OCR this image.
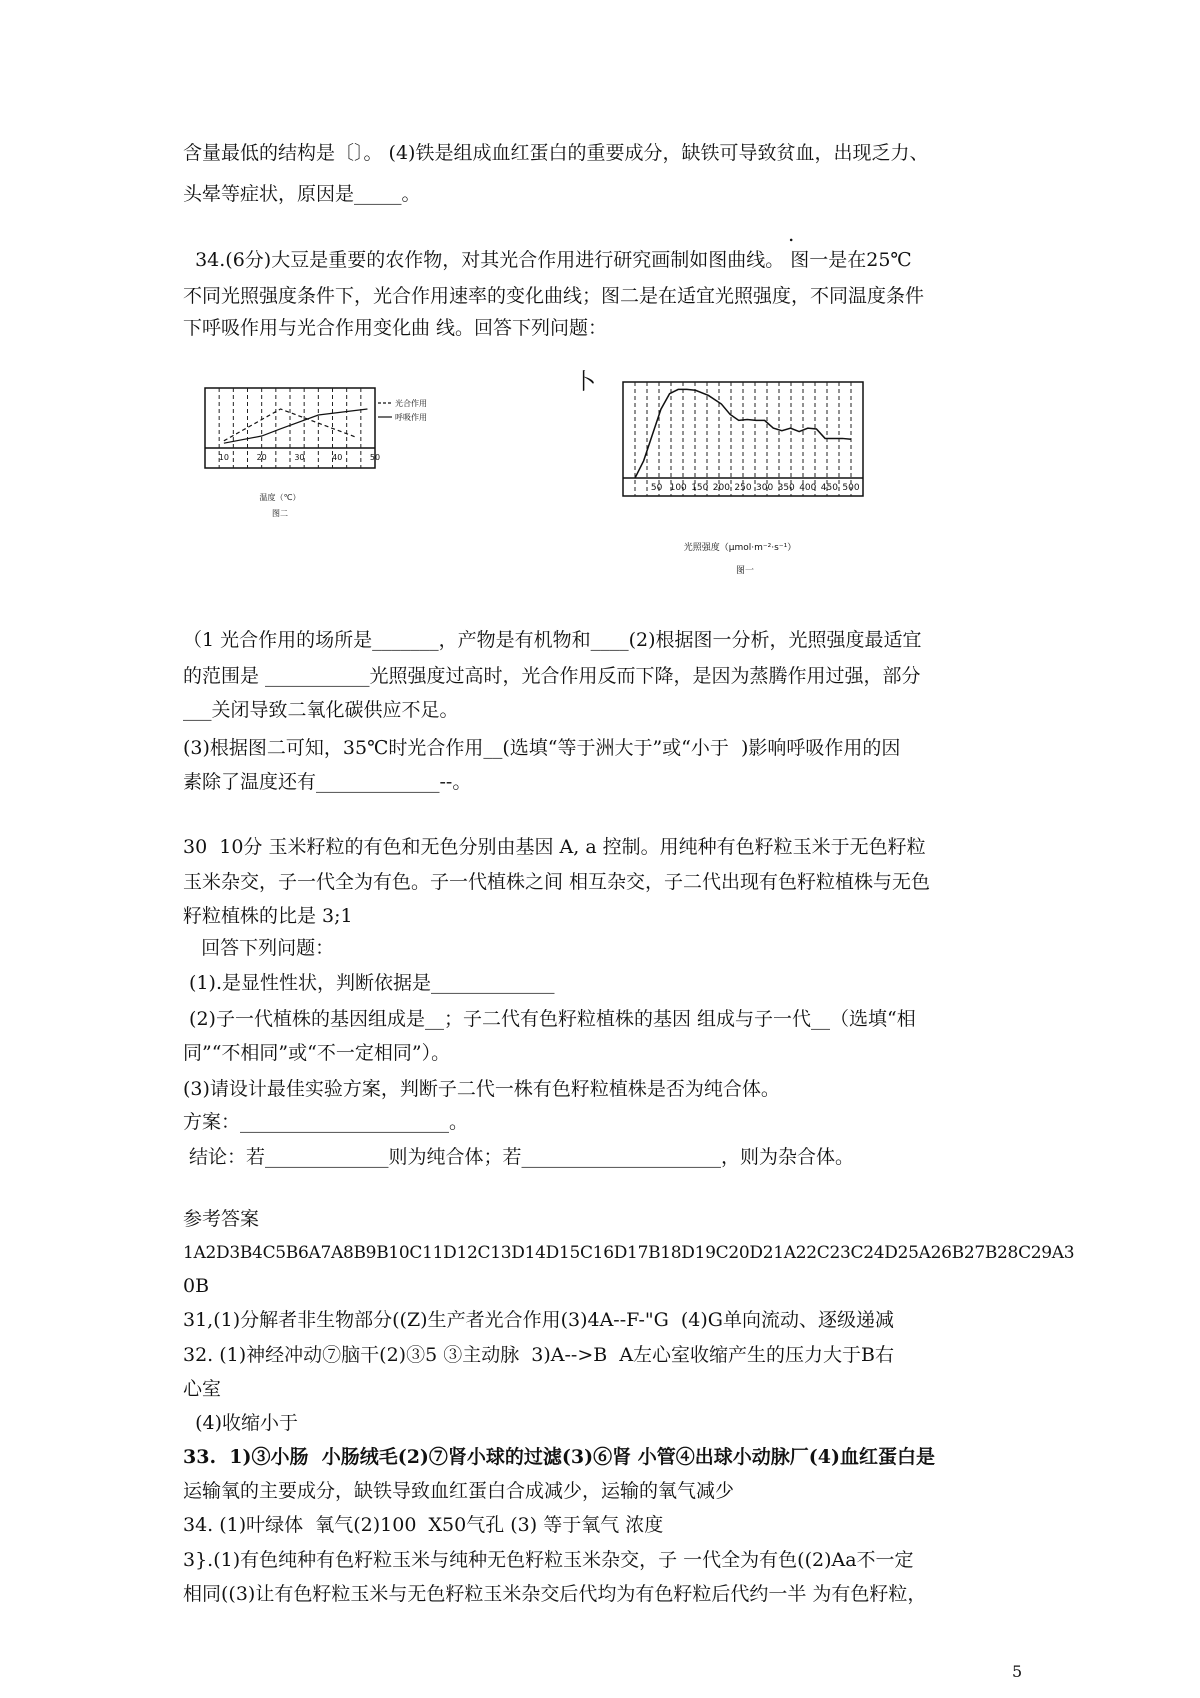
含量最低的结构是〔〕。 (4)铁是组成血红蛋白的重要成分，缺铁可导致贫血，出现乏力、
头晕等症状，原因是_____。
.
34.(6分)大豆是重要的农作物，对其光合作用进行研究画制如图曲线。 图一是在25℃
不同光照强度条件下，光合作用速率的变化曲线；图二是在适宜光照强度，不同温度条件
下呼吸作用与光合作用变化曲 线。回答下列问题：
10	20	30	40	50
光合作用
呼吸作用
温度（℃）
图二
卜
50 100 150 200 250 300 350 400 450 500
光照强度（μmol·m⁻²·s⁻¹）
图一
（1 光合作用的场所是_______，产物是有机物和____(2)根据图一分析，光照强度最适宜
的范围是 ___________光照强度过高时，光合作用反而下降，是因为蒸腾作用过强，部分
___关闭导致二氧化碳供应不足。
(3)根据图二可知，35℃时光合作用__(选填“等于洲大于”或“小于  )影响呼吸作用的因
素除了温度还有_____________--。
30  10分 玉米籽粒的有色和无色分别由基因 A, a 控制。用纯种有色籽粒玉米于无色籽粒
玉米杂交，子一代全为有色。子一代植株之间 相互杂交，子二代出现有色籽粒植株与无色
籽粒植株的比是 3;1
回答下列问题：
(1).是显性性状，判断依据是_____________
(2)子一代植株的基因组成是__；子二代有色籽粒植株的基因 组成与子一代__（选填“相
同”“不相同”或“不一定相同”）。
(3)请设计最佳实验方案，判断子二代一株有色籽粒植株是否为纯合体。
方案：______________________。
结论：若_____________则为纯合体；若_____________________，则为杂合体。
参考答案
1A2D3B4C5B6A7A8B9B10C11D12C13D14D15C16D17B18D19C20D21A22C23C24D25A26B27B28C29A3
0B
31,(1)分解者非生物部分((Z)生产者光合作用(3)4A--F-"G  (4)G单向流动、逐级递减
32. (1)神经冲动⑦脑干(2)③5 ③主动脉  3)A-->B  A左心室收缩产生的压力大于B右
心室
(4)收缩小于
33.  1)③小肠  小肠绒毛(2)⑦肾小球的过滤(3)⑥肾 小管④出球小动脉厂(4)血红蛋白是
运输氧的主要成分，缺铁导致血红蛋白合成减少，运输的氧气减少
34. (1)叶绿体  氧气(2)100  X50气孔 (3) 等于氧气 浓度
3}.(1)有色纯种有色籽粒玉米与纯种无色籽粒玉米杂交，子 一代全为有色((2)Aa不一定
相同((3)让有色籽粒玉米与无色籽粒玉米杂交后代均为有色籽粒后代约一半 为有色籽粒，
5
